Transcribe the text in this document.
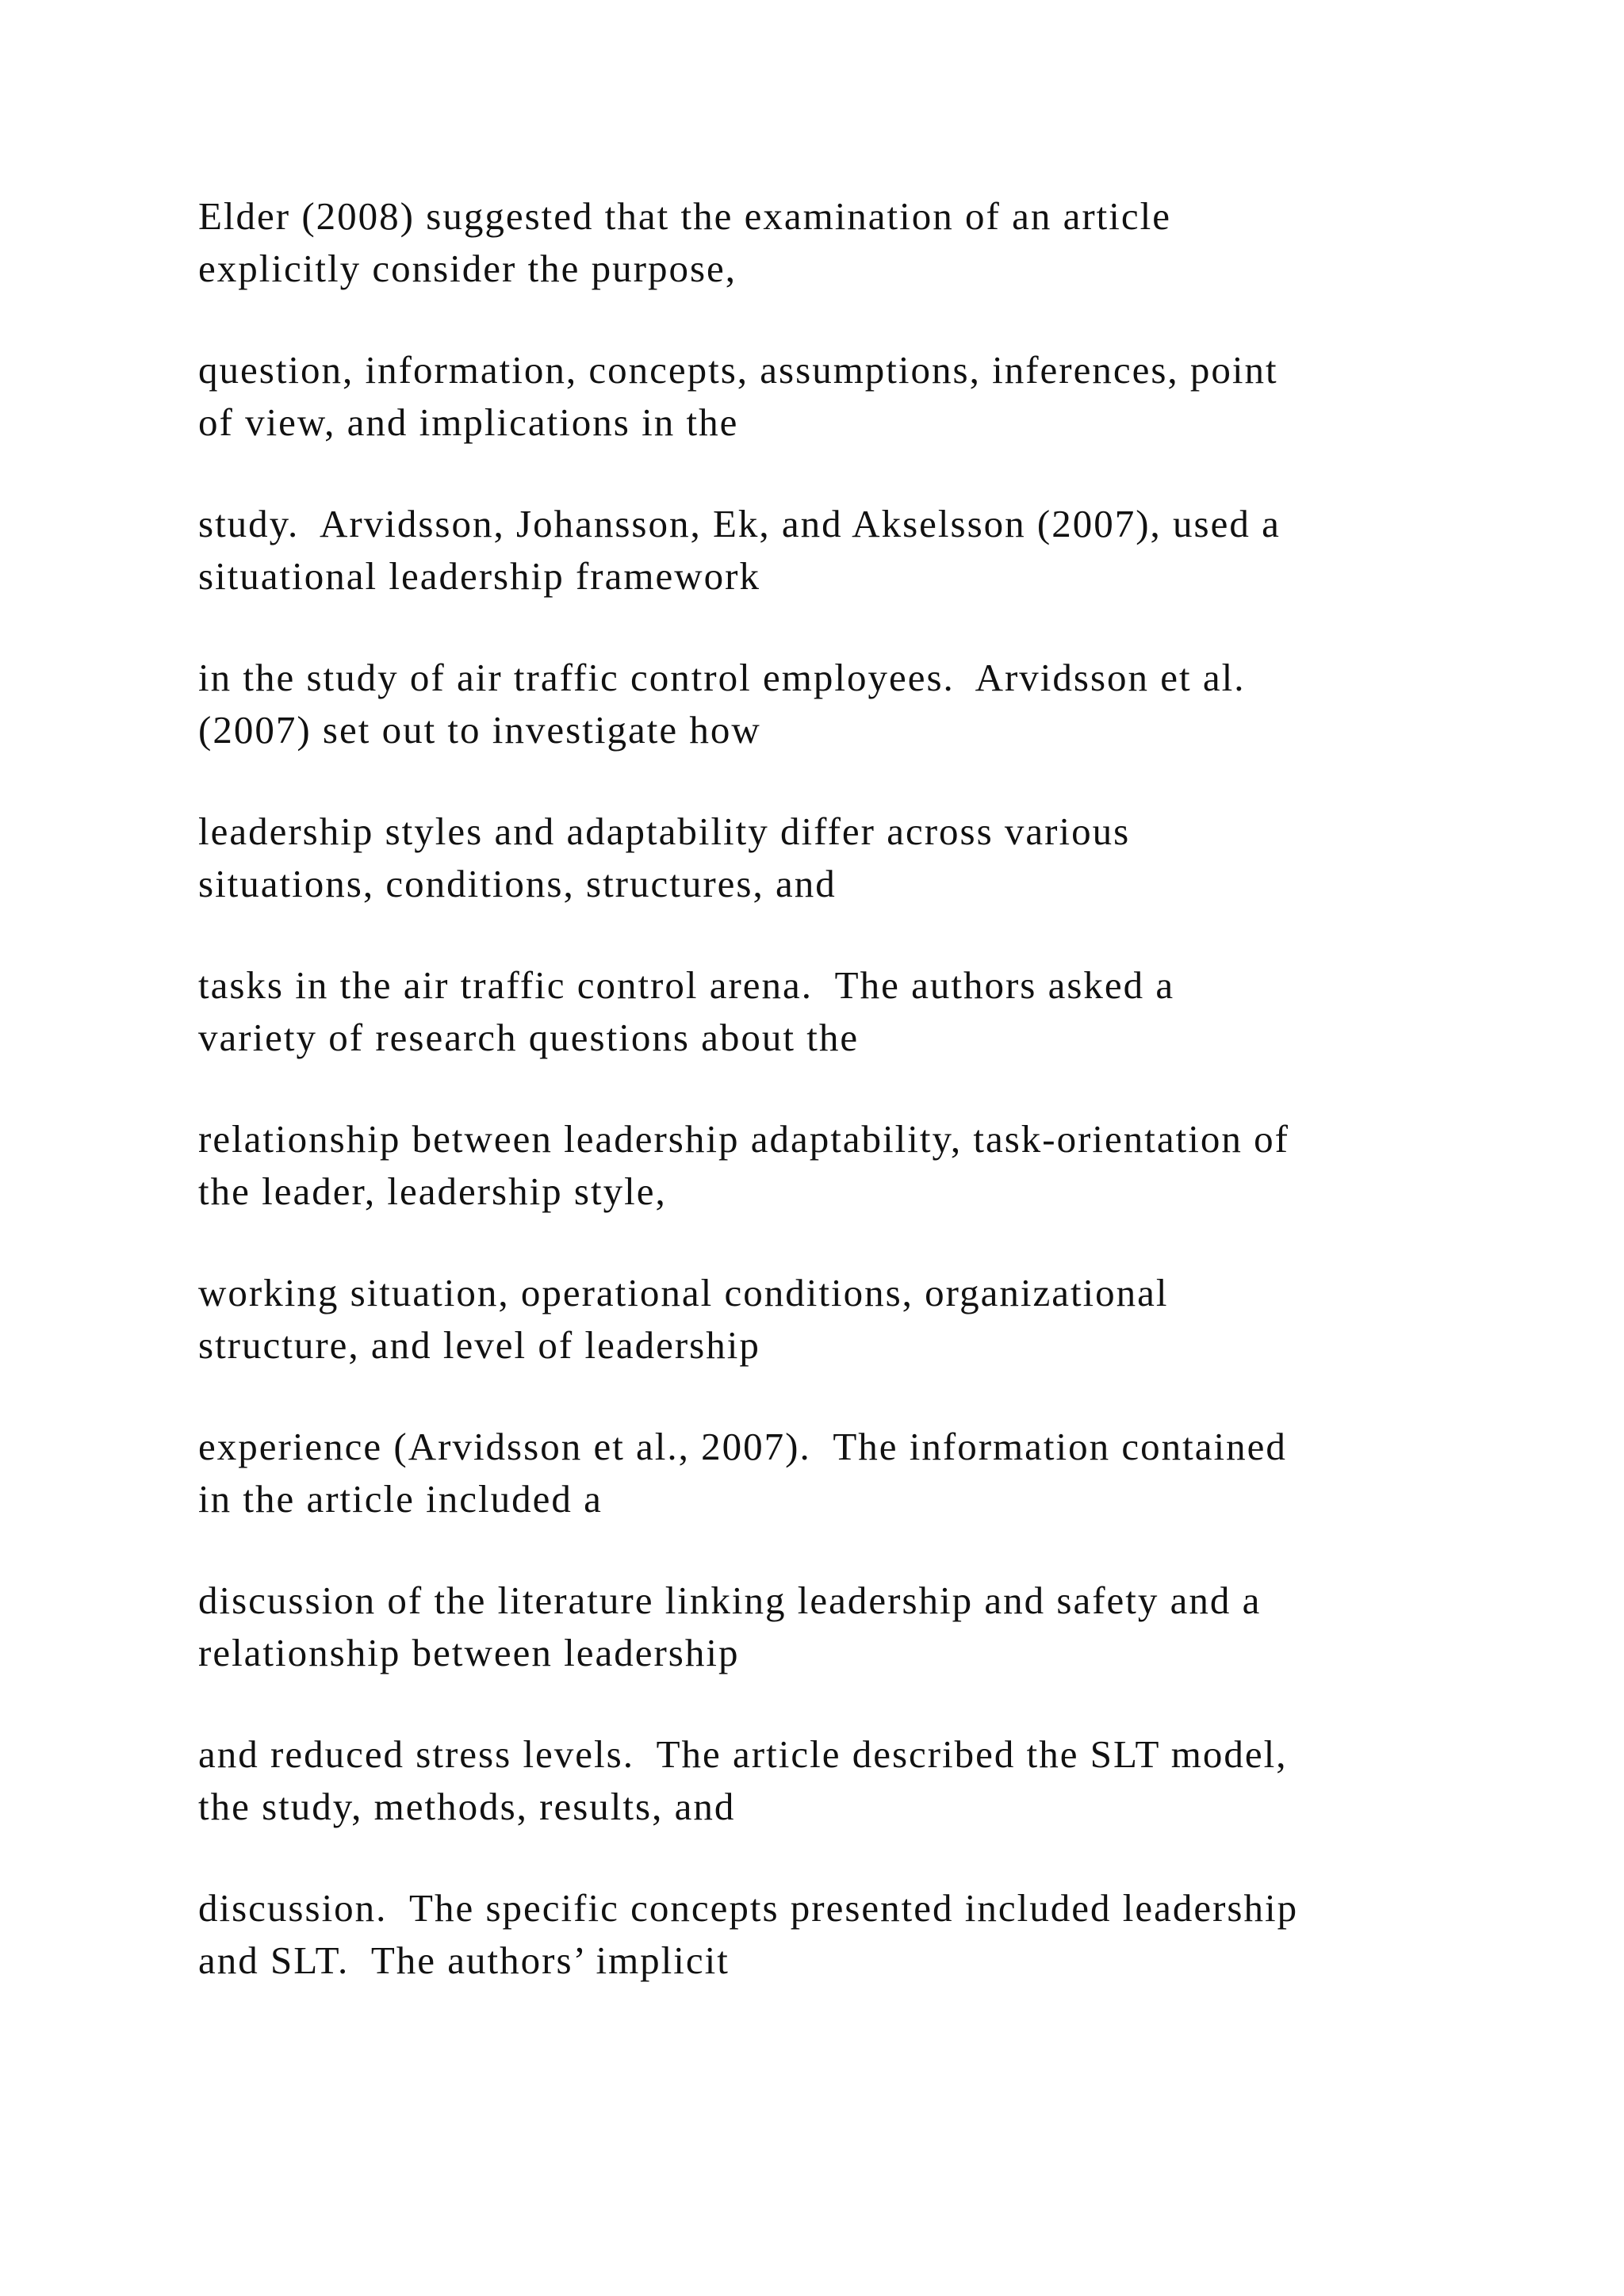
Elder (2008) suggested that the examination of an article
explicitly consider the purpose,

question, information, concepts, assumptions, inferences, point
of view, and implications in the

study.  Arvidsson, Johansson, Ek, and Akselsson (2007), used a
situational leadership framework

in the study of air traffic control employees.  Arvidsson et al.
(2007) set out to investigate how

leadership styles and adaptability differ across various
situations, conditions, structures, and

tasks in the air traffic control arena.  The authors asked a
variety of research questions about the

relationship between leadership adaptability, task-orientation of
the leader, leadership style,

working situation, operational conditions, organizational
structure, and level of leadership

experience (Arvidsson et al., 2007).  The information contained
in the article included a

discussion of the literature linking leadership and safety and a
relationship between leadership

and reduced stress levels.  The article described the SLT model,
the study, methods, results, and

discussion.  The specific concepts presented included leadership
and SLT.  The authors’ implicit
